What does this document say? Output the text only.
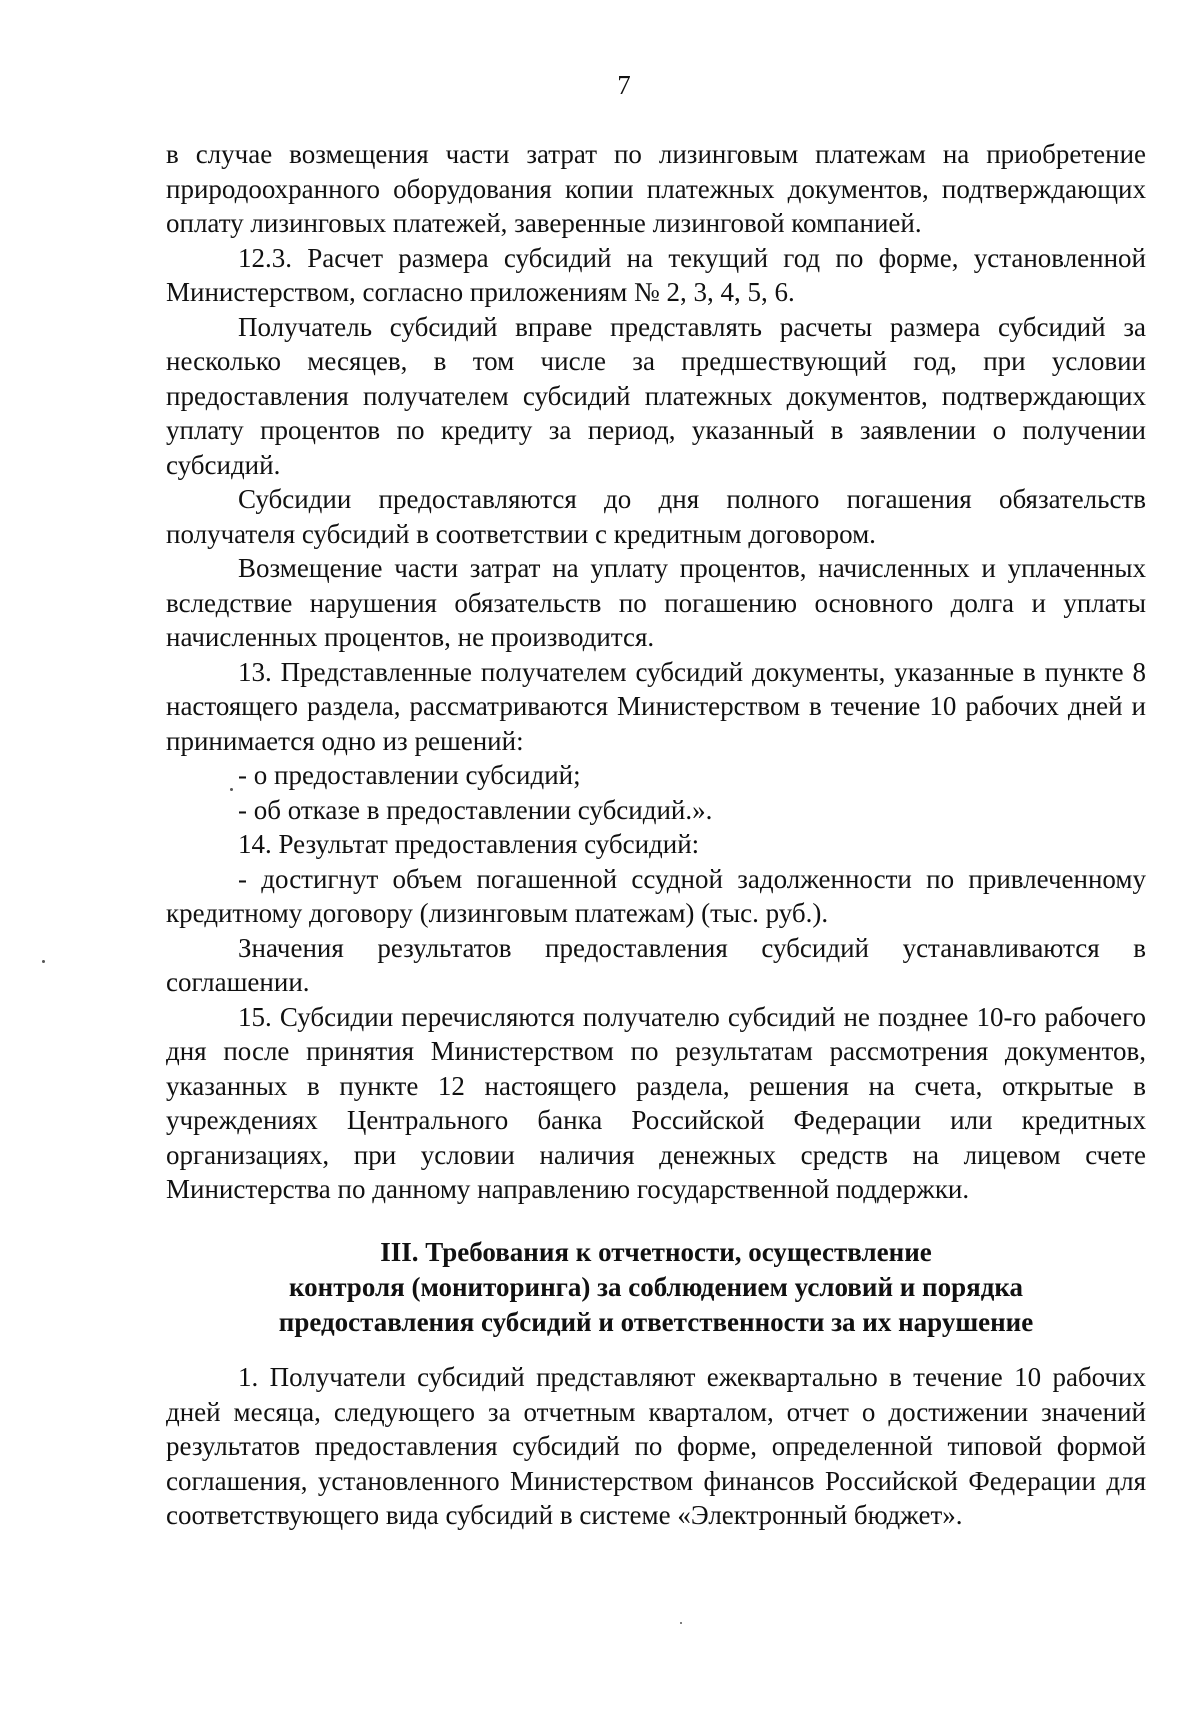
7

в случае возмещения части затрат по лизинговым платежам на приобретение природоохранного оборудования копии платежных документов, подтверждающих оплату лизинговых платежей, заверенные лизинговой компанией.

12.3. Расчет размера субсидий на текущий год по форме, установленной Министерством, согласно приложениям № 2, 3, 4, 5, 6.

Получатель субсидий вправе представлять расчеты размера субсидий за несколько месяцев, в том числе за предшествующий год, при условии предоставления получателем субсидий платежных документов, подтверждающих уплату процентов по кредиту за период, указанный в заявлении о получении субсидий.

Субсидии предоставляются до дня полного погашения обязательств получателя субсидий в соответствии с кредитным договором.

Возмещение части затрат на уплату процентов, начисленных и уплаченных вследствие нарушения обязательств по погашению основного долга и уплаты начисленных процентов, не производится.

13. Представленные получателем субсидий документы, указанные в пункте 8 настоящего раздела, рассматриваются Министерством в течение 10 рабочих дней и принимается одно из решений:

- о предоставлении субсидий;

- об отказе в предоставлении субсидий.».

14. Результат предоставления субсидий:

- достигнут объем погашенной ссудной задолженности по привлеченному кредитному договору (лизинговым платежам) (тыс. руб.).

Значения результатов предоставления субсидий устанавливаются в соглашении.

15. Субсидии перечисляются получателю субсидий не позднее 10-го рабочего дня после принятия Министерством по результатам рассмотрения документов, указанных в пункте 12 настоящего раздела, решения на счета, открытые в учреждениях Центрального банка Российской Федерации или кредитных организациях, при условии наличия денежных средств на лицевом счете Министерства по данному направлению государственной поддержки.

III. Требования к отчетности, осуществление
контроля (мониторинга) за соблюдением условий и порядка
предоставления субсидий и ответственности за их нарушение

1. Получатели субсидий представляют ежеквартально в течение 10 рабочих дней месяца, следующего за отчетным кварталом, отчет о достижении значений результатов предоставления субсидий по форме, определенной типовой формой соглашения, установленного Министерством финансов Российской Федерации для соответствующего вида субсидий в системе «Электронный бюджет».
